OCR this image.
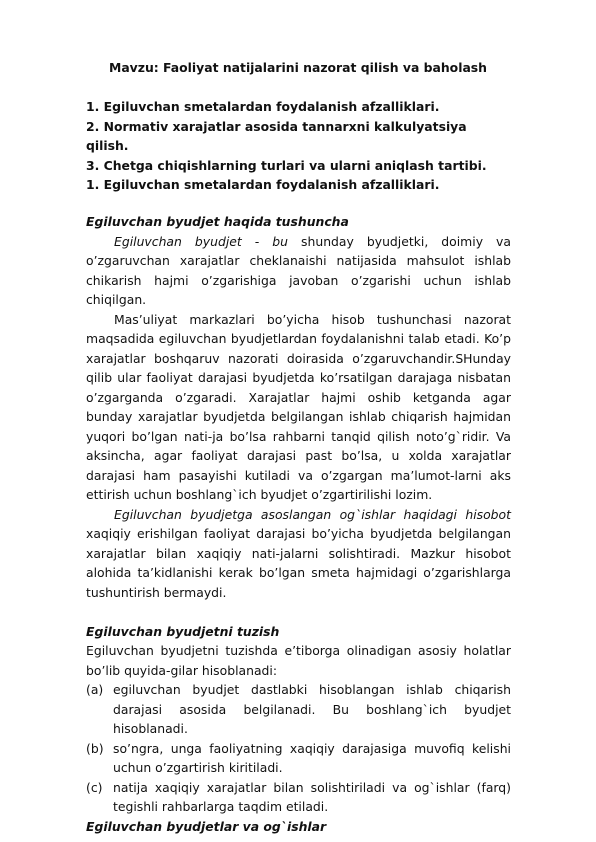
Mavzu: Faoliyat natijalarini nazorat qilish va baholash

1. Egiluvchan smetalardan foydalanish afzalliklari.

2. Normativ xarajatlar asosida tannarxni kalkulyatsiya qilish.

3. Chetga chiqishlarning turlari va ularni aniqlash tartibi.

1. Egiluvchan smetalardan foydalanish afzalliklari.

Egiluvchan byudjet haqida tushuncha

Egiluvchan byudjet - bu shunday byudjetki, doimiy va o’zgaruvchan xarajatlar cheklanaishi natijasida mahsulot ishlab chikarish hajmi o’zgarishiga javoban o’zgarishi uchun ishlab chiqilgan.

Mas’uliyat markazlari bo’yicha hisob tushunchasi nazorat maqsadida egiluvchan byudjetlardan foydalanishni talab etadi. Ko’p xarajatlar boshqaruv nazorati doirasida o’zgaruvchandir.SHunday qilib ular faoliyat darajasi byudjetda ko’rsatilgan darajaga nisbatan o’zgarganda o’zgaradi. Xarajatlar hajmi oshib ketganda agar bunday xarajatlar byudjetda belgilangan ishlab chiqarish hajmidan yuqori bo’lgan nati-ja bo’lsa rahbarni tanqid qilish noto’g`ridir. Va aksincha, agar faoliyat darajasi past bo’lsa, u xolda xarajatlar darajasi ham pasayishi kutiladi va o’zgargan ma’lumot-larni aks ettirish uchun boshlang`ich byudjet o’zgartirilishi lozim.

Egiluvchan byudjetga asoslangan og`ishlar haqidagi hisobot xaqiqiy erishilgan faoliyat darajasi bo’yicha byudjetda belgilangan xarajatlar bilan xaqiqiy nati-jalarni solishtiradi. Mazkur hisobot alohida ta’kidlanishi kerak bo’lgan smeta hajmidagi o’zgarishlarga tushuntirish bermaydi.

Egiluvchan byudjetni tuzish

Egiluvchan byudjetni tuzishda e’tiborga olinadigan asosiy holatlar bo’lib quyida-gilar hisoblanadi:

(a) egiluvchan byudjet dastlabki hisoblangan ishlab chiqarish darajasi asosida belgilanadi. Bu boshlang`ich byudjet hisoblanadi.
(b) so’ngra, unga faoliyatning xaqiqiy darajasiga muvofiq kelishi uchun o’zgartirish kiritiladi.
(c) natija xaqiqiy xarajatlar bilan solishtiriladi va og`ishlar (farq) tegishli rahbarlarga taqdim etiladi.

Egiluvchan byudjetlar va og`ishlar
